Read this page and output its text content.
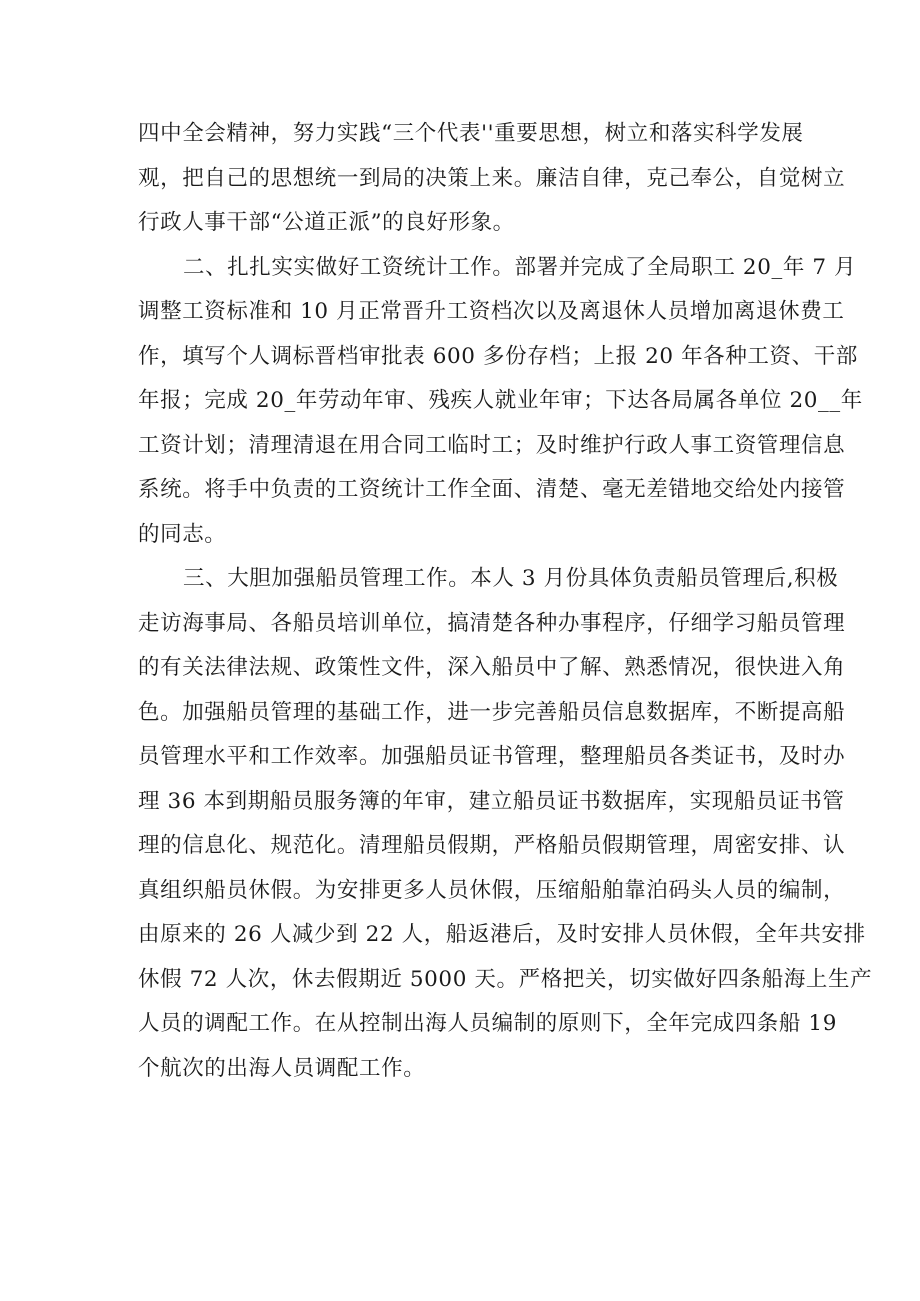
四中全会精神，努力实践“三个代表''重要思想，树立和落实科学发展
观，把自己的思想统一到局的决策上来。廉洁自律，克己奉公，自觉树立
行政人事干部“公道正派”的良好形象。

二、扎扎实实做好工资统计工作。部署并完成了全局职工 20_年 7 月
调整工资标准和 10 月正常晋升工资档次以及离退休人员增加离退休费工
作，填写个人调标晋档审批表 600 多份存档；上报 20 年各种工资、干部
年报；完成 20_年劳动年审、残疾人就业年审；下达各局属各单位 20__年
工资计划；清理清退在用合同工临时工；及时维护行政人事工资管理信息
系统。将手中负责的工资统计工作全面、清楚、毫无差错地交给处内接管
的同志。

三、大胆加强船员管理工作。本人 3 月份具体负责船员管理后,积极
走访海事局、各船员培训单位，搞清楚各种办事程序，仔细学习船员管理
的有关法律法规、政策性文件，深入船员中了解、熟悉情况，很快进入角
色。加强船员管理的基础工作，进一步完善船员信息数据库，不断提高船
员管理水平和工作效率。加强船员证书管理，整理船员各类证书，及时办
理 36 本到期船员服务簿的年审，建立船员证书数据库，实现船员证书管
理的信息化、规范化。清理船员假期，严格船员假期管理，周密安排、认
真组织船员休假。为安排更多人员休假，压缩船舶靠泊码头人员的编制，
由原来的 26 人减少到 22 人，船返港后，及时安排人员休假，全年共安排
休假 72 人次，休去假期近 5000 天。严格把关，切实做好四条船海上生产
人员的调配工作。在从控制出海人员编制的原则下，全年完成四条船 19
个航次的出海人员调配工作。
